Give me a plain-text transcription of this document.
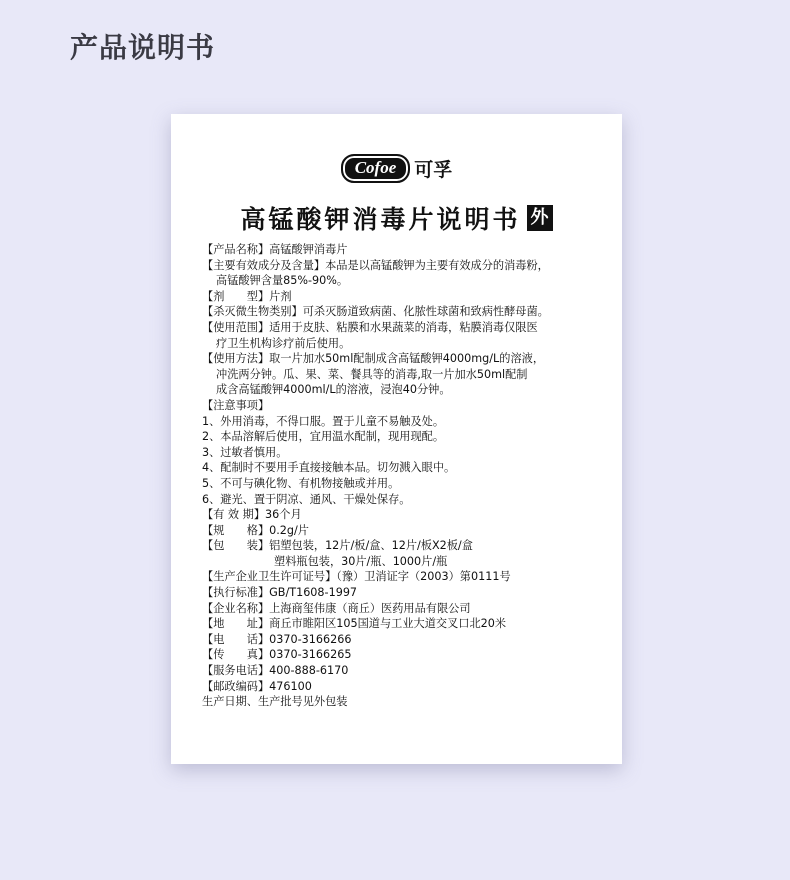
产品说明书
Cofoe 可孚
高锰酸钾消毒片说明书 外
【产品名称】高锰酸钾消毒片
【主要有效成分及含量】本品是以高锰酸钾为主要有效成分的消毒粉，
高锰酸钾含量85%-90%。
【剂　　型】片剂
【杀灭微生物类别】可杀灭肠道致病菌、化脓性球菌和致病性酵母菌。
【使用范围】适用于皮肤、粘膜和水果蔬菜的消毒，粘膜消毒仅限医
疗卫生机构诊疗前后使用。
【使用方法】取一片加水50ml配制成含高锰酸钾4000mg/L的溶液，
冲洗两分钟。瓜、果、菜、餐具等的消毒,取一片加水50ml配制
成含高锰酸钾4000ml/L的溶液，浸泡40分钟。
【注意事项】
1、外用消毒，不得口服。置于儿童不易触及处。
2、本品溶解后使用，宜用温水配制，现用现配。
3、过敏者慎用。
4、配制时不要用手直接接触本品。切勿溅入眼中。
5、不可与碘化物、有机物接触或并用。
6、避光、置于阴凉、通风、干燥处保存。
【有 效 期】36个月
【规　　格】0.2g/片
【包　　装】铝塑包装，12片/板/盒、12片/板X2板/盒
塑料瓶包装，30片/瓶、1000片/瓶
【生产企业卫生许可证号】（豫）卫消证字（2003）第0111号
【执行标准】GB/T1608-1997
【企业名称】上海商玺伟康（商丘）医药用品有限公司
【地　　址】商丘市睢阳区105国道与工业大道交叉口北20米
【电　　话】0370-3166266
【传　　真】0370-3166265
【服务电话】400-888-6170
【邮政编码】476100
生产日期、生产批号见外包装
